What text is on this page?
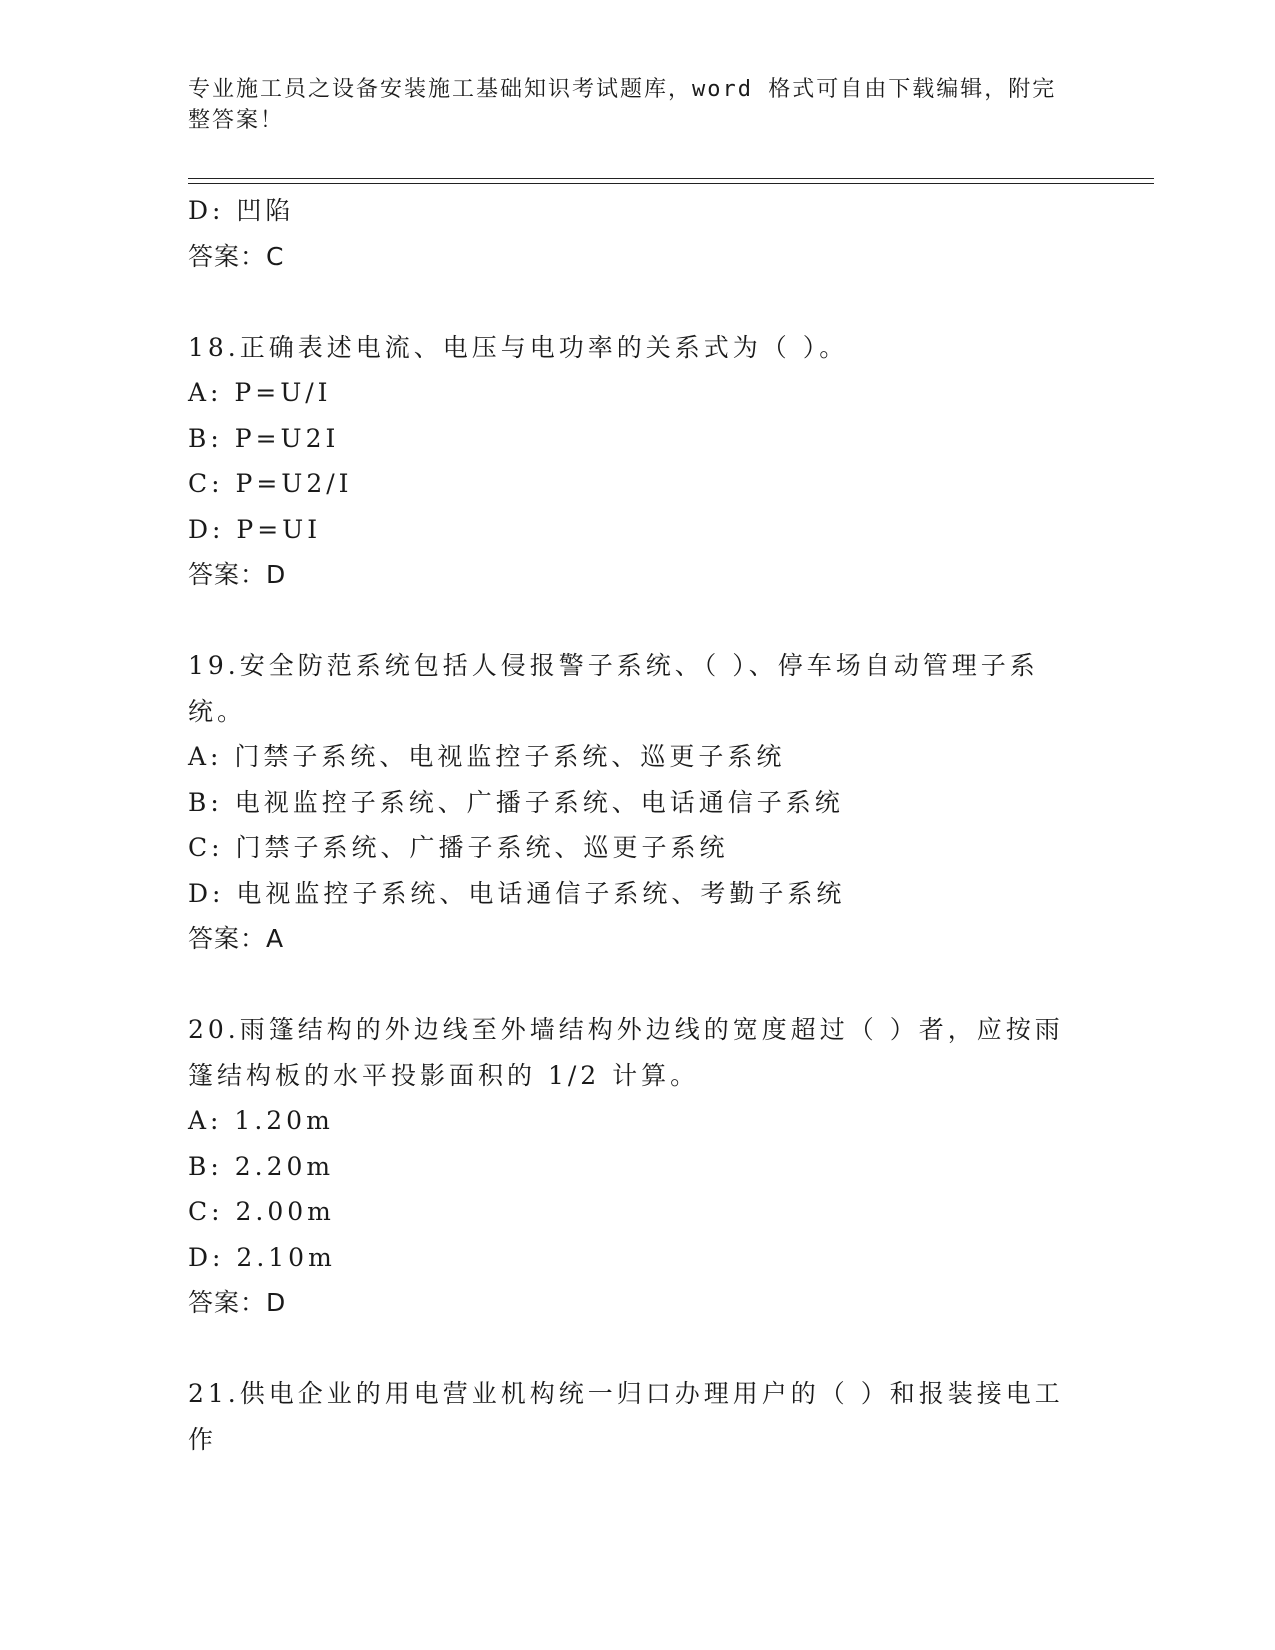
专业施工员之设备安装施工基础知识考试题库，word 格式可自由下载编辑，附完整答案！
D: 凹陷
答案：C
18.正确表述电流、电压与电功率的关系式为（ ）。
A: P=U/I
B: P=U2I
C: P=U2/I
D: P=UI
答案：D
19.安全防范系统包括人侵报警子系统、（ ）、停车场自动管理子系统。
A: 门禁子系统、电视监控子系统、巡更子系统
B: 电视监控子系统、广播子系统、电话通信子系统
C: 门禁子系统、广播子系统、巡更子系统
D: 电视监控子系统、电话通信子系统、考勤子系统
答案：A
20.雨篷结构的外边线至外墙结构外边线的宽度超过（ ）者，应按雨篷结构板的水平投影面积的 1/2 计算。
A: 1.20m
B: 2.20m
C: 2.00m
D: 2.10m
答案：D
21.供电企业的用电营业机构统一归口办理用户的（ ）和报装接电工作
